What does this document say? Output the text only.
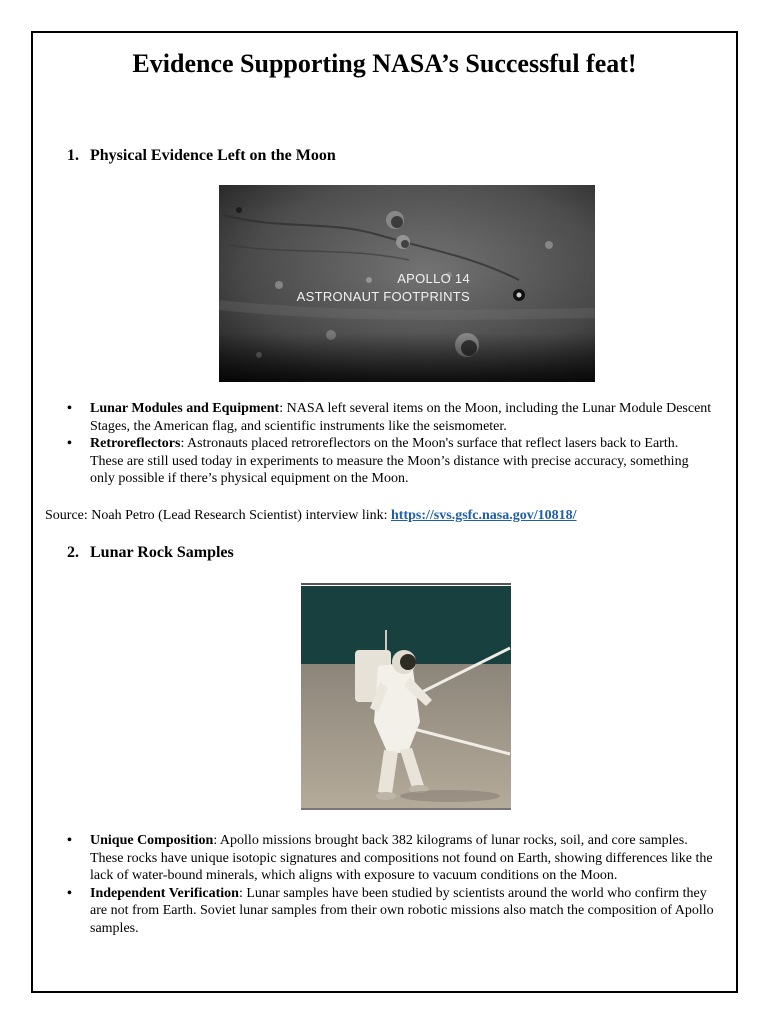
Evidence Supporting NASA’s Successful feat!
1. Physical Evidence Left on the Moon
APOLLO 14
ASTRONAUT FOOTPRINTS
• Lunar Modules and Equipment: NASA left several items on the Moon, including the Lunar Module Descent Stages, the American flag, and scientific instruments like the seismometer.
• Retroreflectors: Astronauts placed retroreflectors on the Moon's surface that reflect lasers back to Earth. These are still used today in experiments to measure the Moon’s distance with precise accuracy, something only possible if there’s physical equipment on the Moon.
Source: Noah Petro (Lead Research Scientist) interview link: https://svs.gsfc.nasa.gov/10818/
2. Lunar Rock Samples
• Unique Composition: Apollo missions brought back 382 kilograms of lunar rocks, soil, and core samples. These rocks have unique isotopic signatures and compositions not found on Earth, showing differences like the lack of water-bound minerals, which aligns with exposure to vacuum conditions on the Moon.
• Independent Verification: Lunar samples have been studied by scientists around the world who confirm they are not from Earth. Soviet lunar samples from their own robotic missions also match the composition of Apollo samples.
